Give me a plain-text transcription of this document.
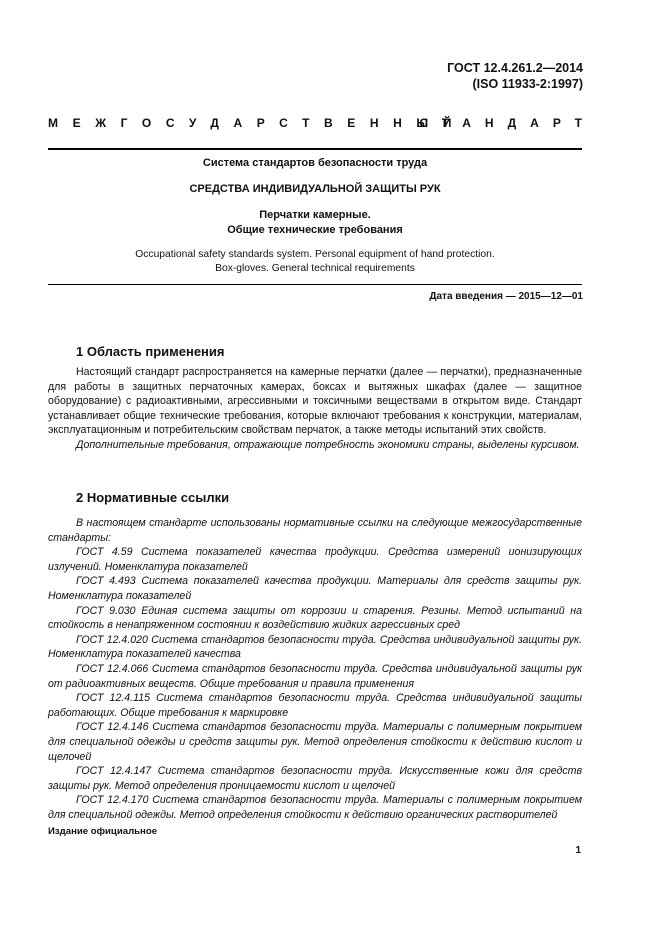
ГОСТ 12.4.261.2—2014
(ISO 11933-2:1997)
МЕЖГОСУДАРСТВЕННЫЙ
СТАНДАРТ
Система стандартов безопасности труда
СРЕДСТВА ИНДИВИДУАЛЬНОЙ ЗАЩИТЫ РУК
Перчатки камерные.
Общие технические требования
Occupational safety standards system. Personal equipment of hand protection.
Box-gloves. General technical requirements
Дата введения — 2015—12—01
1 Область применения

Настоящий стандарт распространяется на камерные перчатки (далее — перчатки), предназначенные для работы в защитных перчаточных камерах, боксах и вытяжных шкафах (далее — защитное оборудование) с радиоактивными, агрессивными и токсичными веществами в открытом виде. Стандарт устанавливает общие технические требования, которые включают требования к конструкции, материалам, эксплуатационным и потребительским свойствам перчаток, а также методы испытаний этих свойств.

Дополнительные требования, отражающие потребность экономики страны, выделены курсивом.

2 Нормативные ссылки

В настоящем стандарте использованы нормативные ссылки на следующие межгосударственные стандарты:

ГОСТ 4.59 Система показателей качества продукции. Средства измерений ионизирующих излучений. Номенклатура показателей

ГОСТ 4.493 Система показателей качества продукции. Материалы для средств защиты рук. Номенклатура показателей

ГОСТ 9.030 Единая система защиты от коррозии и старения. Резины. Метод испытаний на стойкость в ненапряженном состоянии к воздействию жидких агрессивных сред

ГОСТ 12.4.020 Система стандартов безопасности труда. Средства индивидуальной защиты рук. Номенклатура показателей качества

ГОСТ 12.4.066 Система стандартов безопасности труда. Средства индивидуальной защиты рук от радиоактивных веществ. Общие требования и правила применения

ГОСТ 12.4.115 Система стандартов безопасности труда. Средства индивидуальной защиты работающих. Общие требования к маркировке

ГОСТ 12.4.146 Система стандартов безопасности труда. Материалы с полимерным покрытием для специальной одежды и средств защиты рук. Метод определения стойкости к действию кислот и щелочей

ГОСТ 12.4.147 Система стандартов безопасности труда. Искусственные кожи для средств защиты рук. Метод определения проницаемости кислот и щелочей

ГОСТ 12.4.170 Система стандартов безопасности труда. Материалы с полимерным покрытием для специальной одежды. Метод определения стойкости к действию органических растворителей

Издание официальное
1
